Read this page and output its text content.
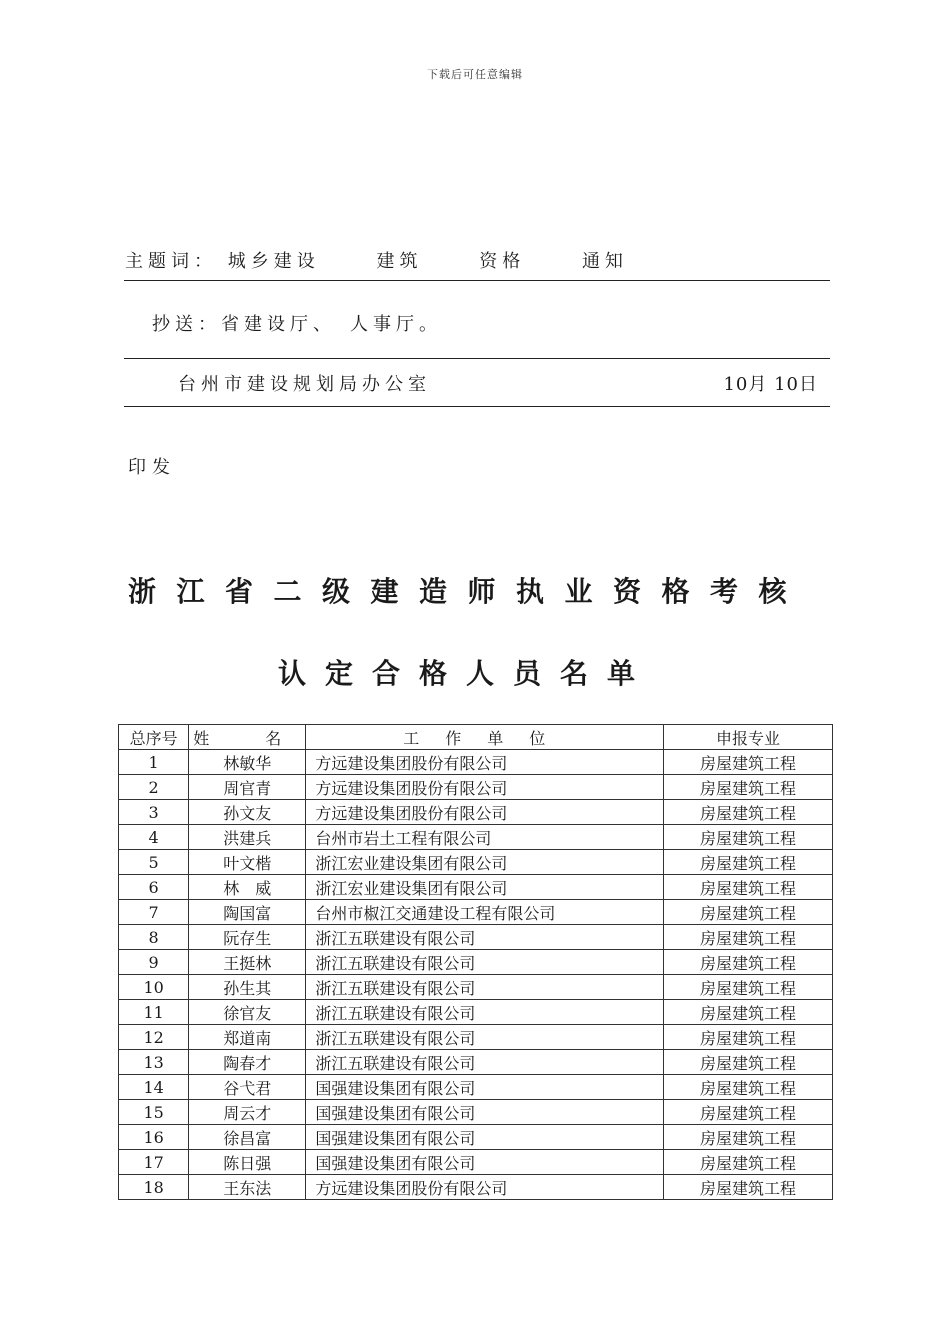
下载后可任意编辑
主题词： 城乡建设	建筑	资格	通知
抄送：省建设厅、　人事厅。
台州市建设规划局办公室	10月 10日
印发
浙江省二级建造师执业资格考核
认定合格人员名单
总序号	姓　名	工作单位	申报专业
1	林敏华	方远建设集团股份有限公司	房屋建筑工程
2	周官青	方远建设集团股份有限公司	房屋建筑工程
3	孙文友	方远建设集团股份有限公司	房屋建筑工程
4	洪建兵	台州市岩土工程有限公司	房屋建筑工程
5	叶文楷	浙江宏业建设集团有限公司	房屋建筑工程
6	林　威	浙江宏业建设集团有限公司	房屋建筑工程
7	陶国富	台州市椒江交通建设工程有限公司	房屋建筑工程
8	阮存生	浙江五联建设有限公司	房屋建筑工程
9	王挺林	浙江五联建设有限公司	房屋建筑工程
10	孙生其	浙江五联建设有限公司	房屋建筑工程
11	徐官友	浙江五联建设有限公司	房屋建筑工程
12	郑道南	浙江五联建设有限公司	房屋建筑工程
13	陶春才	浙江五联建设有限公司	房屋建筑工程
14	谷弋君	国强建设集团有限公司	房屋建筑工程
15	周云才	国强建设集团有限公司	房屋建筑工程
16	徐昌富	国强建设集团有限公司	房屋建筑工程
17	陈日强	国强建设集团有限公司	房屋建筑工程
18	王东法	方远建设集团股份有限公司	房屋建筑工程
